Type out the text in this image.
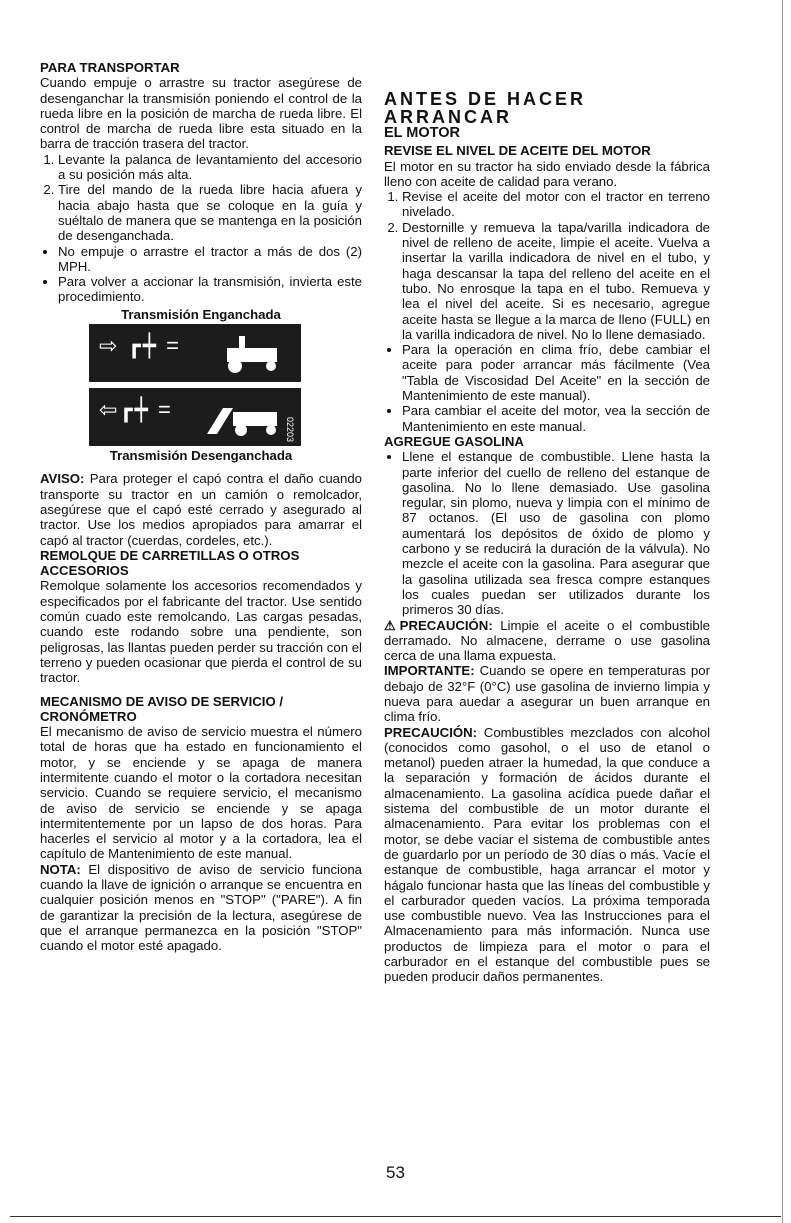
PARA TRANSPORTAR

Cuando empuje o arrastre su tractor asegúrese de desenganchar la transmisión poniendo el control de la rueda libre en la posición de marcha de rueda libre. El control de marcha de rueda libre esta situado en la barra de tracción trasera del tractor.

1. Levante la palanca de levantamiento del accesorio a su posición más alta.
2. Tire del mando de la rueda libre hacia afuera y hacia abajo hasta que se coloque en la guía y suéltalo de manera que se mantenga en la posición de desenganchada.
• No empuje o arrastre el tractor a más de dos (2) MPH.
• Para volver a accionar la transmisión, invierta este procedimiento.
Transmisión Enganchada
⇨ ┏┿ =
⇦┏┿ =
02203
Transmisión Desenganchada

AVISO: Para proteger el capó contra el daño cuando transporte su tractor en un camión o remolcador, asegúrese que el capó esté cerrado y asegurado al tractor. Use los medios apropiados para amarrar el capó al tractor (cuerdas, cordeles, etc.).

REMOLQUE DE CARRETILLAS O OTROS ACCESORIOS

Remolque solamente los accesorios recomendados y especificados por el fabricante del tractor. Use sentido común cuado este remolcando. Las cargas pesadas, cuando este rodando sobre una pendiente, son peligrosas, las llantas pueden perder su tracción con el terreno y pueden ocasionar que pierda el control de su tractor.

MECANISMO DE AVISO DE SERVICIO / CRONÓMETRO

El mecanismo de aviso de servicio muestra el número total de horas que ha estado en funcionamiento el motor, y se enciende y se apaga de manera intermitente cuando el motor o la cortadora necesitan servicio. Cuando se requiere servicio, el mecanismo de aviso de servicio se enciende y se apaga intermitentemente por un lapso de dos horas. Para hacerles el servicio al motor y a la cortadora, lea el capítulo de Mantenimiento de este manual.

NOTA: El dispositivo de aviso de servicio funciona cuando la llave de ignición o arranque se encuentra en cualquier posición menos en "STOP" ("PARE"). A fin de garantizar la precisión de la lectura, asegúrese de que el arranque permanezca en la posición "STOP" cuando el motor esté apagado.

ANTES DE HACER ARRANCAR
EL MOTOR
REVISE EL NIVEL DE ACEITE DEL MOTOR

El motor en su tractor ha sido enviado desde la fábrica lleno con aceite de calidad para verano.

1. Revise el aceite del motor con el tractor en terreno nivelado.
2. Destornille y remueva la tapa/varilla indicadora de nivel de relleno de aceite, limpie el aceite. Vuelva a insertar la varilla indicadora de nivel en el tubo, y haga descansar la tapa del relleno del aceite en el tubo. No enrosque la tapa en el tubo. Remueva y lea el nivel del aceite. Si es necesario, agregue aceite hasta se llegue a la marca de lleno (FULL) en la varilla indicadora de nivel. No lo llene demasiado.
• Para la operación en clima frío, debe cambiar el aceite para poder arrancar más fácilmente (Vea "Tabla de Viscosidad Del Aceite" en la sección de Mantenimiento de este manual).
• Para cambiar el aceite del motor, vea la sección de Mantenimiento en este manual.
AGREGUE GASOLINA
• Llene el estanque de combustible. Llene hasta la parte inferior del cuello de relleno del estanque de gasolina. No lo llene demasiado. Use gasolina regular, sin plomo, nueva y limpia con el mínimo de 87 octanos. (El uso de gasolina con plomo aumentará los depósitos de óxido de plomo y carbono y se reducirá la duración de la válvula). No mezcle el aceite con la gasolina. Para asegurar que la gasolina utilizada sea fresca compre estanques los cuales puedan ser utilizados durante los primeros 30 días.

⚠PRECAUCIÓN: Limpie el aceite o el combustible derramado. No almacene, derrame o use gasolina cerca de una llama expuesta.

IMPORTANTE: Cuando se opere en temperaturas por debajo de 32°F (0°C) use gasolina de invierno limpia y nueva para auedar a asegurar un buen arranque en clima frío.

PRECAUCIÓN: Combustibles mezclados con alcohol (conocidos como gasohol, o el uso de etanol o metanol) pueden atraer la humedad, la que conduce a la separación y formación de ácidos durante el almacenamiento. La gasolina acídica puede dañar el sistema del combustible de un motor durante el almacenamiento. Para evitar los problemas con el motor, se debe vaciar el sistema de combustible antes de guardarlo por un período de 30 días o más. Vacíe el estanque de combustible, haga arrancar el motor y hágalo funcionar hasta que las líneas del combustible y el carburador queden vacíos. La próxima temporada use combustible nuevo. Vea las Instrucciones para el Almacenamiento para más información. Nunca use productos de limpieza para el motor o para el carburador en el estanque del combustible pues se pueden producir daños permanentes.

53
